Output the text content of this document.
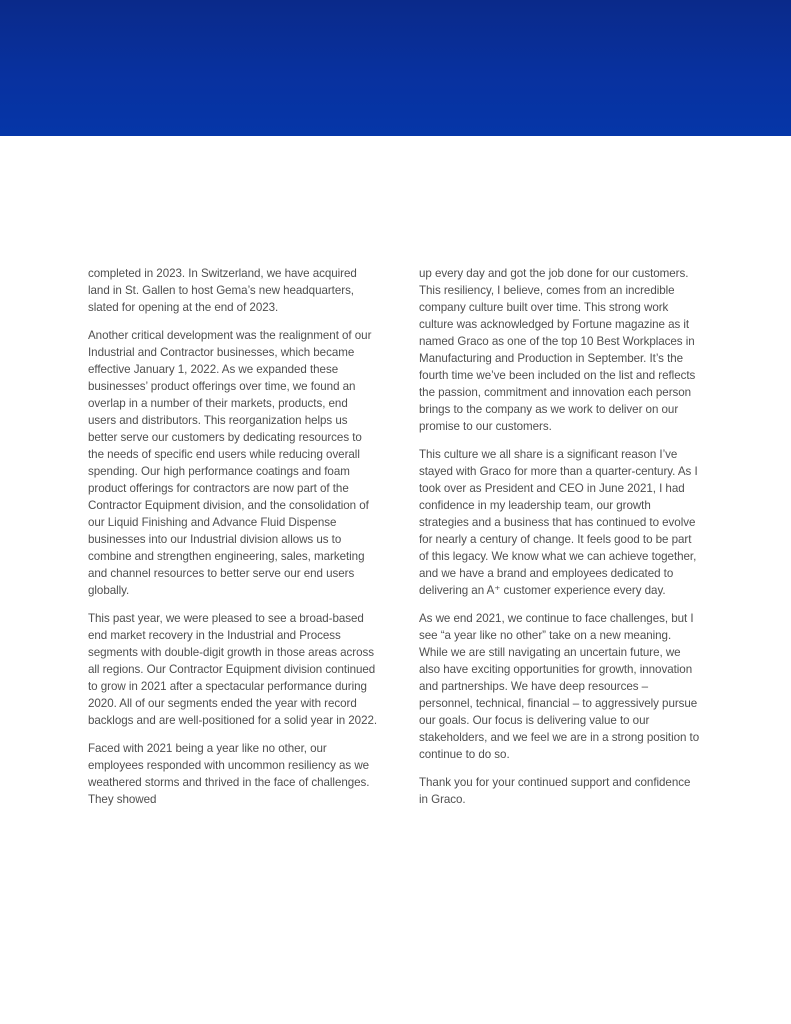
completed in 2023. In Switzerland, we have acquired land in St. Gallen to host Gema’s new headquarters, slated for opening at the end of 2023.

Another critical development was the realignment of our Industrial and Contractor businesses, which became effective January 1, 2022. As we expanded these businesses’ product offerings over time, we found an overlap in a number of their markets, products, end users and distributors. This reorganization helps us better serve our customers by dedicating resources to the needs of specific end users while reducing overall spending. Our high performance coatings and foam product offerings for contractors are now part of the Contractor Equipment division, and the consolidation of our Liquid Finishing and Advance Fluid Dispense businesses into our Industrial division allows us to combine and strengthen engineering, sales, marketing and channel resources to better serve our end users globally.

This past year, we were pleased to see a broad-based end market recovery in the Industrial and Process segments with double-digit growth in those areas across all regions. Our Contractor Equipment division continued to grow in 2021 after a spectacular performance during 2020. All of our segments ended the year with record backlogs and are well-positioned for a solid year in 2022.

Faced with 2021 being a year like no other, our employees responded with uncommon resiliency as we weathered storms and thrived in the face of challenges. They showed

up every day and got the job done for our customers. This resiliency, I believe, comes from an incredible company culture built over time. This strong work culture was acknowledged by Fortune magazine as it named Graco as one of the top 10 Best Workplaces in Manufacturing and Production in September. It’s the fourth time we’ve been included on the list and reflects the passion, commitment and innovation each person brings to the company as we work to deliver on our promise to our customers.

This culture we all share is a significant reason I’ve stayed with Graco for more than a quarter-century. As I took over as President and CEO in June 2021, I had confidence in my leadership team, our growth strategies and a business that has continued to evolve for nearly a century of change. It feels good to be part of this legacy. We know what we can achieve together, and we have a brand and employees dedicated to delivering an A⁺ customer experience every day.

As we end 2021, we continue to face challenges, but I see “a year like no other” take on a new meaning. While we are still navigating an uncertain future, we also have exciting opportunities for growth, innovation and partnerships. We have deep resources – personnel, technical, financial – to aggressively pursue our goals. Our focus is delivering value to our stakeholders, and we feel we are in a strong position to continue to do so.

Thank you for your continued support and confidence in Graco.
